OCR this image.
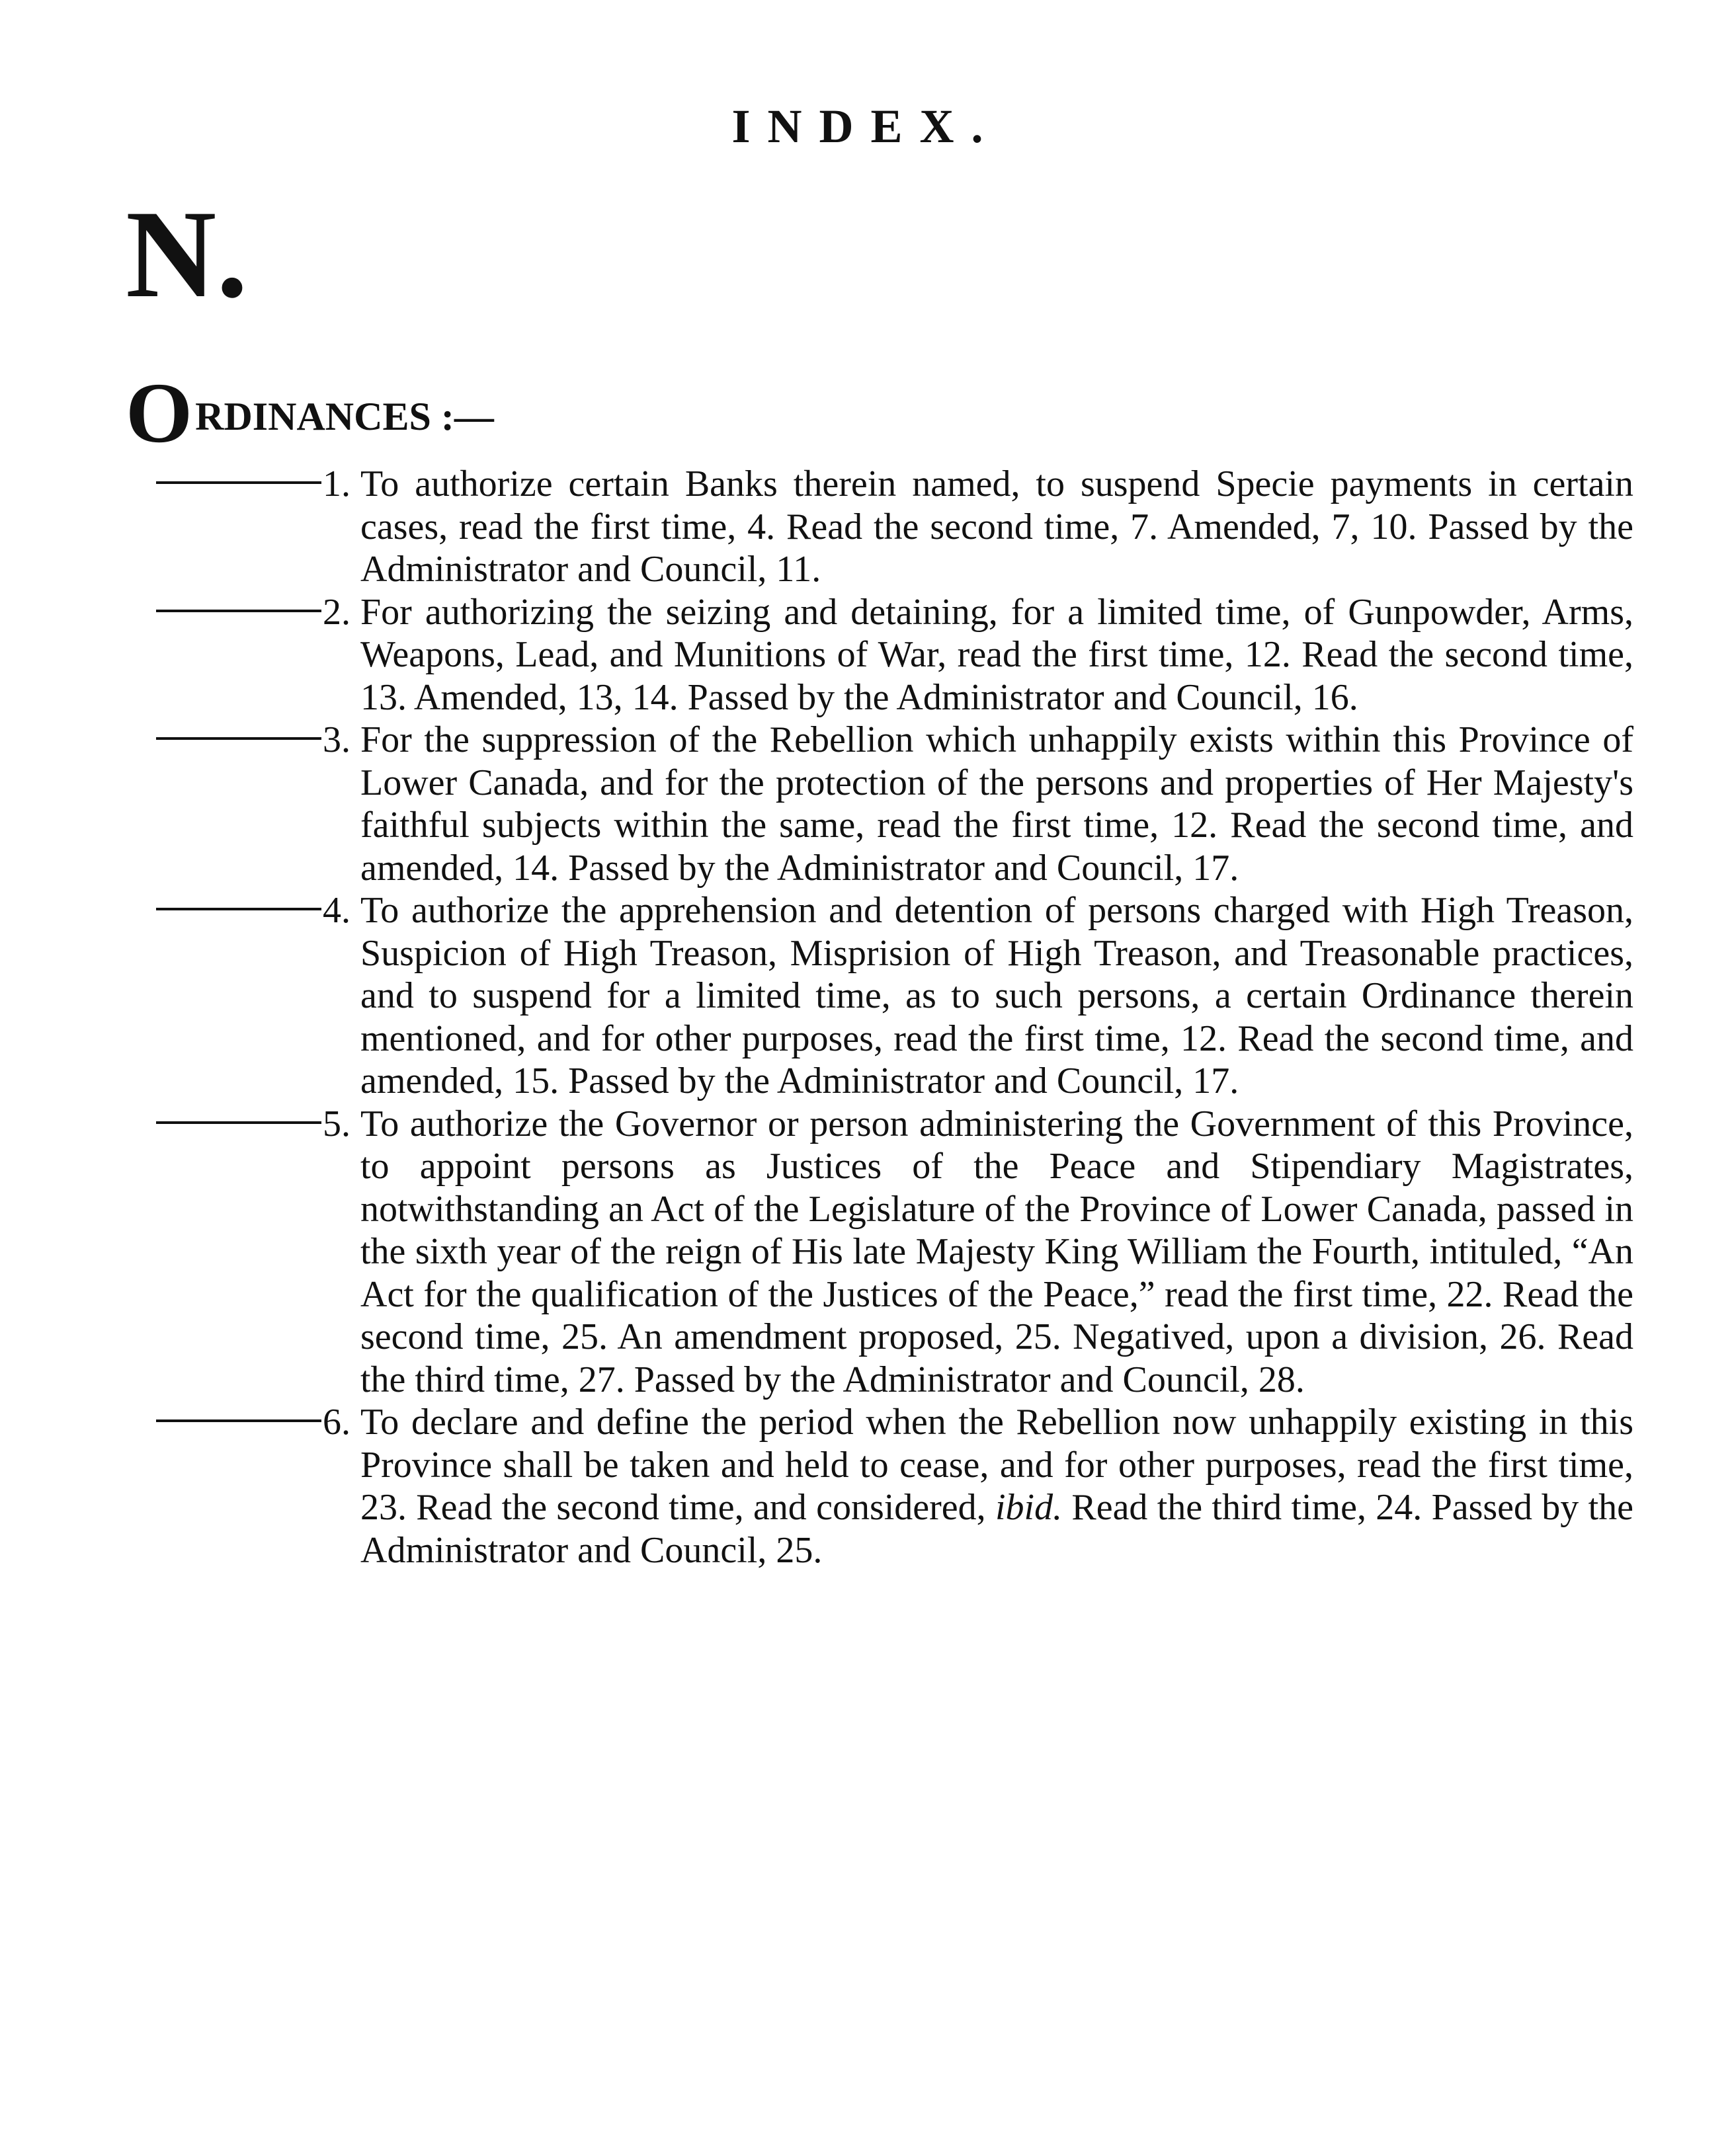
INDEX.
N.
ORDINANCES :—
1. To authorize certain Banks therein named, to suspend Specie payments in certain cases, read the first time, 4. Read the second time, 7. Amended, 7, 10. Passed by the Administrator and Council, 11.
2. For authorizing the seizing and detaining, for a limited time, of Gunpowder, Arms, Weapons, Lead, and Munitions of War, read the first time, 12. Read the second time, 13. Amended, 13, 14. Passed by the Administrator and Council, 16.
3. For the suppression of the Rebellion which unhappily exists within this Province of Lower Canada, and for the protection of the persons and properties of Her Majesty's faithful subjects within the same, read the first time, 12. Read the second time, and amended, 14. Passed by the Administrator and Council, 17.
4. To authorize the apprehension and detention of persons charged with High Treason, Suspicion of High Treason, Misprision of High Treason, and Treasonable practices, and to suspend for a limited time, as to such persons, a certain Ordinance therein mentioned, and for other purposes, read the first time, 12. Read the second time, and amended, 15. Passed by the Administrator and Council, 17.
5. To authorize the Governor or person administering the Government of this Province, to appoint persons as Justices of the Peace and Stipendiary Magistrates, notwithstanding an Act of the Legislature of the Province of Lower Canada, passed in the sixth year of the reign of His late Majesty King William the Fourth, intituled, “An Act for the qualification of the Justices of the Peace,” read the first time, 22. Read the second time, 25. An amendment proposed, 25. Negatived, upon a division, 26. Read the third time, 27. Passed by the Administrator and Council, 28.
6. To declare and define the period when the Rebellion now unhappily existing in this Province shall be taken and held to cease, and for other purposes, read the first time, 23. Read the second time, and considered, ibid. Read the third time, 24. Passed by the Administrator and Council, 25.
